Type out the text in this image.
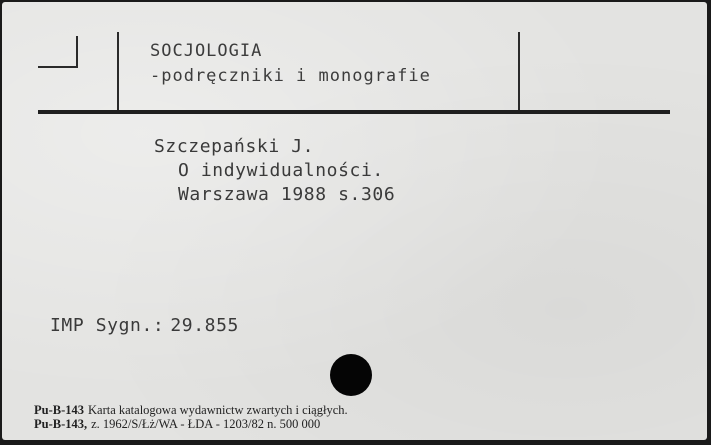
SOCJOLOGIA
-podręczniki i monografie
Szczepański J.
O indywidualności.
Warszawa 1988 s.306
IMP Sygn.: 29.855
Pu-B-143 Karta katalogowa wydawnictw zwartych i ciągłych.
Pu-B-143, z. 1962/S/Łż/WA - ŁDA - 1203/82 n. 500 000
